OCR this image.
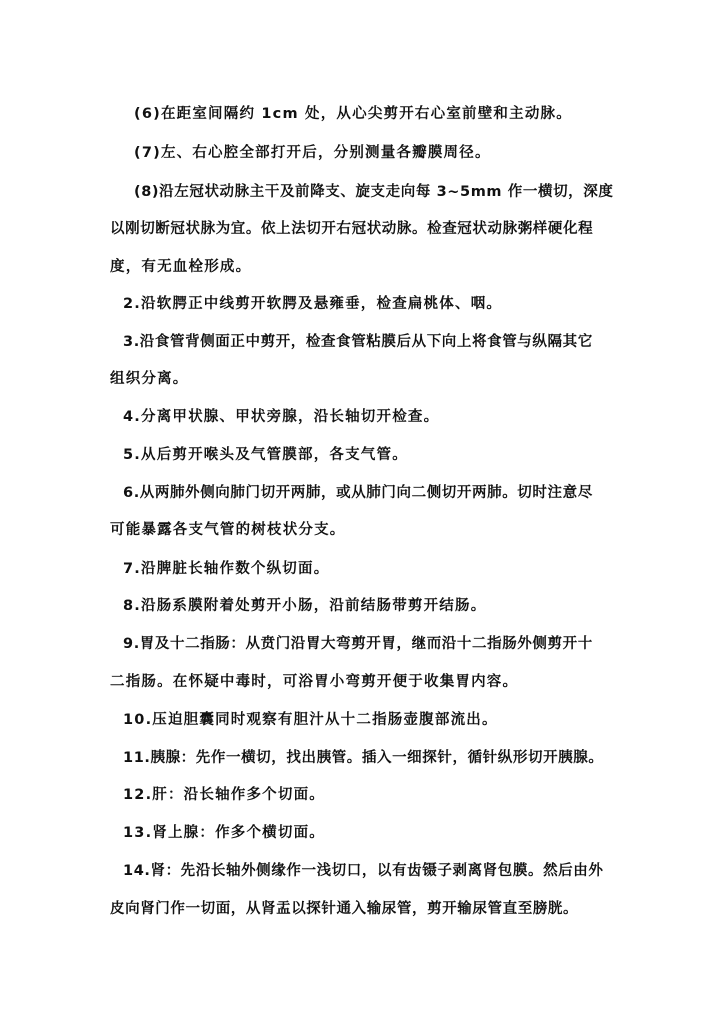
(6)在距室间隔约 1cm 处，从心尖剪开右心室前壁和主动脉。
(7)左、右心腔全部打开后，分别测量各瓣膜周径。
(8)沿左冠状动脉主干及前降支、旋支走向每 3~5mm 作一横切，深度
以刚切断冠状脉为宜。依上法切开右冠状动脉。检查冠状动脉粥样硬化程
度，有无血栓形成。
2.沿软腭正中线剪开软腭及悬雍垂，检查扁桃体、咽。
3.沿食管背侧面正中剪开，检查食管粘膜后从下向上将食管与纵隔其它
组织分离。
4.分离甲状腺、甲状旁腺，沿长轴切开检查。
5.从后剪开喉头及气管膜部，各支气管。
6.从两肺外侧向肺门切开两肺，或从肺门向二侧切开两肺。切时注意尽
可能暴露各支气管的树枝状分支。
7.沿脾脏长轴作数个纵切面。
8.沿肠系膜附着处剪开小肠，沿前结肠带剪开结肠。
9.胃及十二指肠：从贲门沿胃大弯剪开胃，继而沿十二指肠外侧剪开十
二指肠。在怀疑中毒时，可浴胃小弯剪开便于收集胃内容。
10.压迫胆囊同时观察有胆汁从十二指肠壶腹部流出。
11.胰腺：先作一横切，找出胰管。插入一细探针，循针纵形切开胰腺。
12.肝：沿长轴作多个切面。
13.肾上腺：作多个横切面。
14.肾：先沿长轴外侧缘作一浅切口，以有齿镊子剥离肾包膜。然后由外
皮向肾门作一切面，从肾盂以探针通入输尿管，剪开输尿管直至膀胱。
